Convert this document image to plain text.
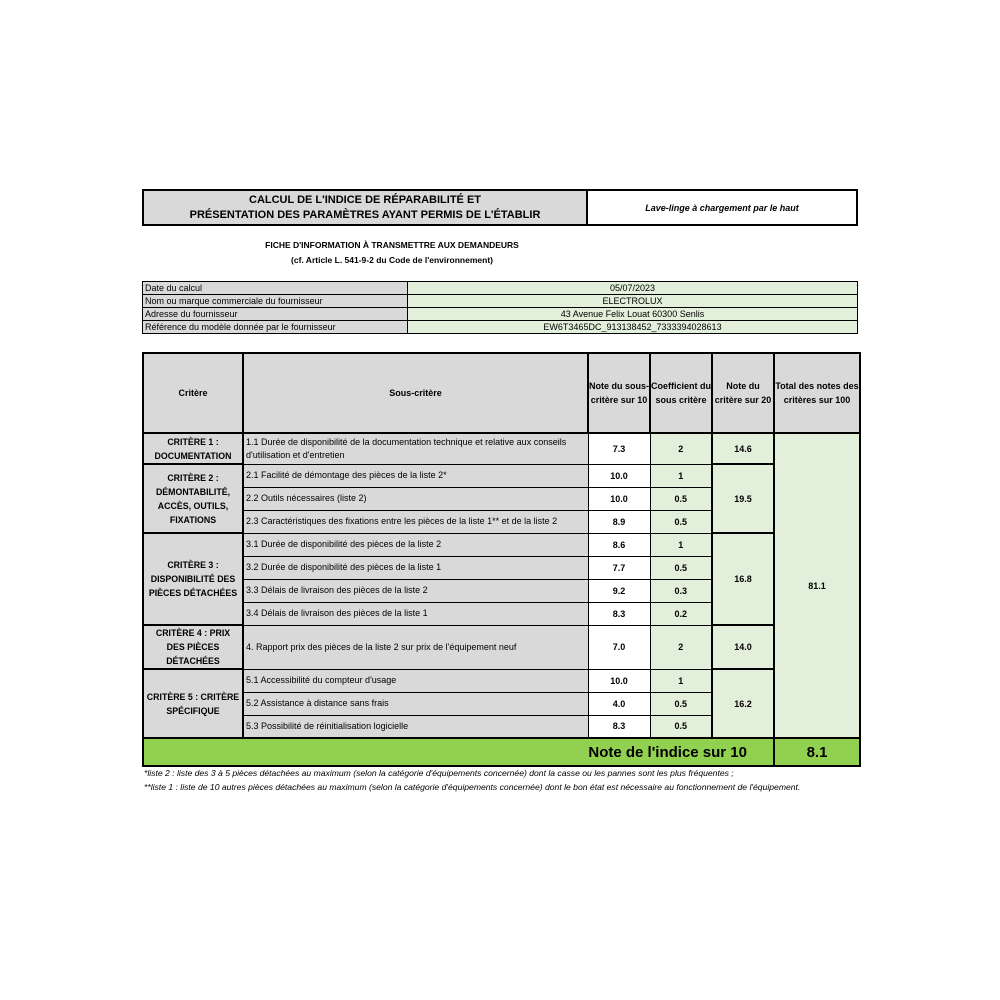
CALCUL DE L'INDICE DE RÉPARABILITÉ ET
PRÉSENTATION DES PARAMÈTRES AYANT PERMIS DE L'ÉTABLIR
Lave-linge à chargement par le haut
FICHE D'INFORMATION À TRANSMETTRE AUX DEMANDEURS
(cf. Article L. 541-9-2 du Code de l'environnement)
Date du calcul	05/07/2023
Nom ou marque commerciale du fournisseur	ELECTROLUX
Adresse du fournisseur	43 Avenue Felix Louat 60300 Senlis
Référence du modèle donnée par le fournisseur	EW6T3465DC_913138452_7333394028613
Critère	Sous-critère	Note du sous-critère sur 10	Coefficient du sous critère	Note du critère sur 20	Total des notes des critères sur 100
CRITÈRE 1 : DOCUMENTATION	1.1 Durée de disponibilité de la documentation technique et relative aux conseils d'utilisation et d'entretien	7.3	2	14.6	81.1
CRITÈRE 2 : DÉMONTABILITÉ, ACCÈS, OUTILS, FIXATIONS	2.1 Facilité de démontage des pièces de la liste 2*	10.0	1	19.5	
	2.2 Outils nécessaires (liste 2)	10.0	0.5		
	2.3 Caractéristiques des fixations entre les pièces de la liste 1** et de la liste 2	8.9	0.5		
CRITÈRE 3 : DISPONIBILITÉ DES PIÈCES DÉTACHÉES	3.1 Durée de disponibilité des pièces de la liste 2	8.6	1	16.8	
	3.2 Durée de disponibilité des pièces de la liste 1	7.7	0.5		
	3.3 Délais de livraison des pièces de la liste 2	9.2	0.3		
	3.4 Délais de livraison des pièces de la liste 1	8.3	0.2		
CRITÈRE 4 : PRIX DES PIÈCES DÉTACHÉES	4. Rapport prix des pièces de la liste 2 sur prix de l'équipement neuf	7.0	2	14.0	
CRITÈRE 5 : CRITÈRE SPÉCIFIQUE	5.1 Accessibilité du compteur d'usage	10.0	1	16.2	
	5.2 Assistance à distance sans frais	4.0	0.5		
	5.3 Possibilité de réinitialisation logicielle	8.3	0.5		
Note de l'indice sur 10					8.1
*liste 2 : liste des 3 à 5 pièces détachées au maximum (selon la catégorie d'équipements concernée) dont la casse ou les pannes sont les plus fréquentes ;
**liste 1 : liste de 10 autres pièces détachées au maximum (selon la catégorie d'équipements concernée) dont le bon état est nécessaire au fonctionnement de l'équipement.
